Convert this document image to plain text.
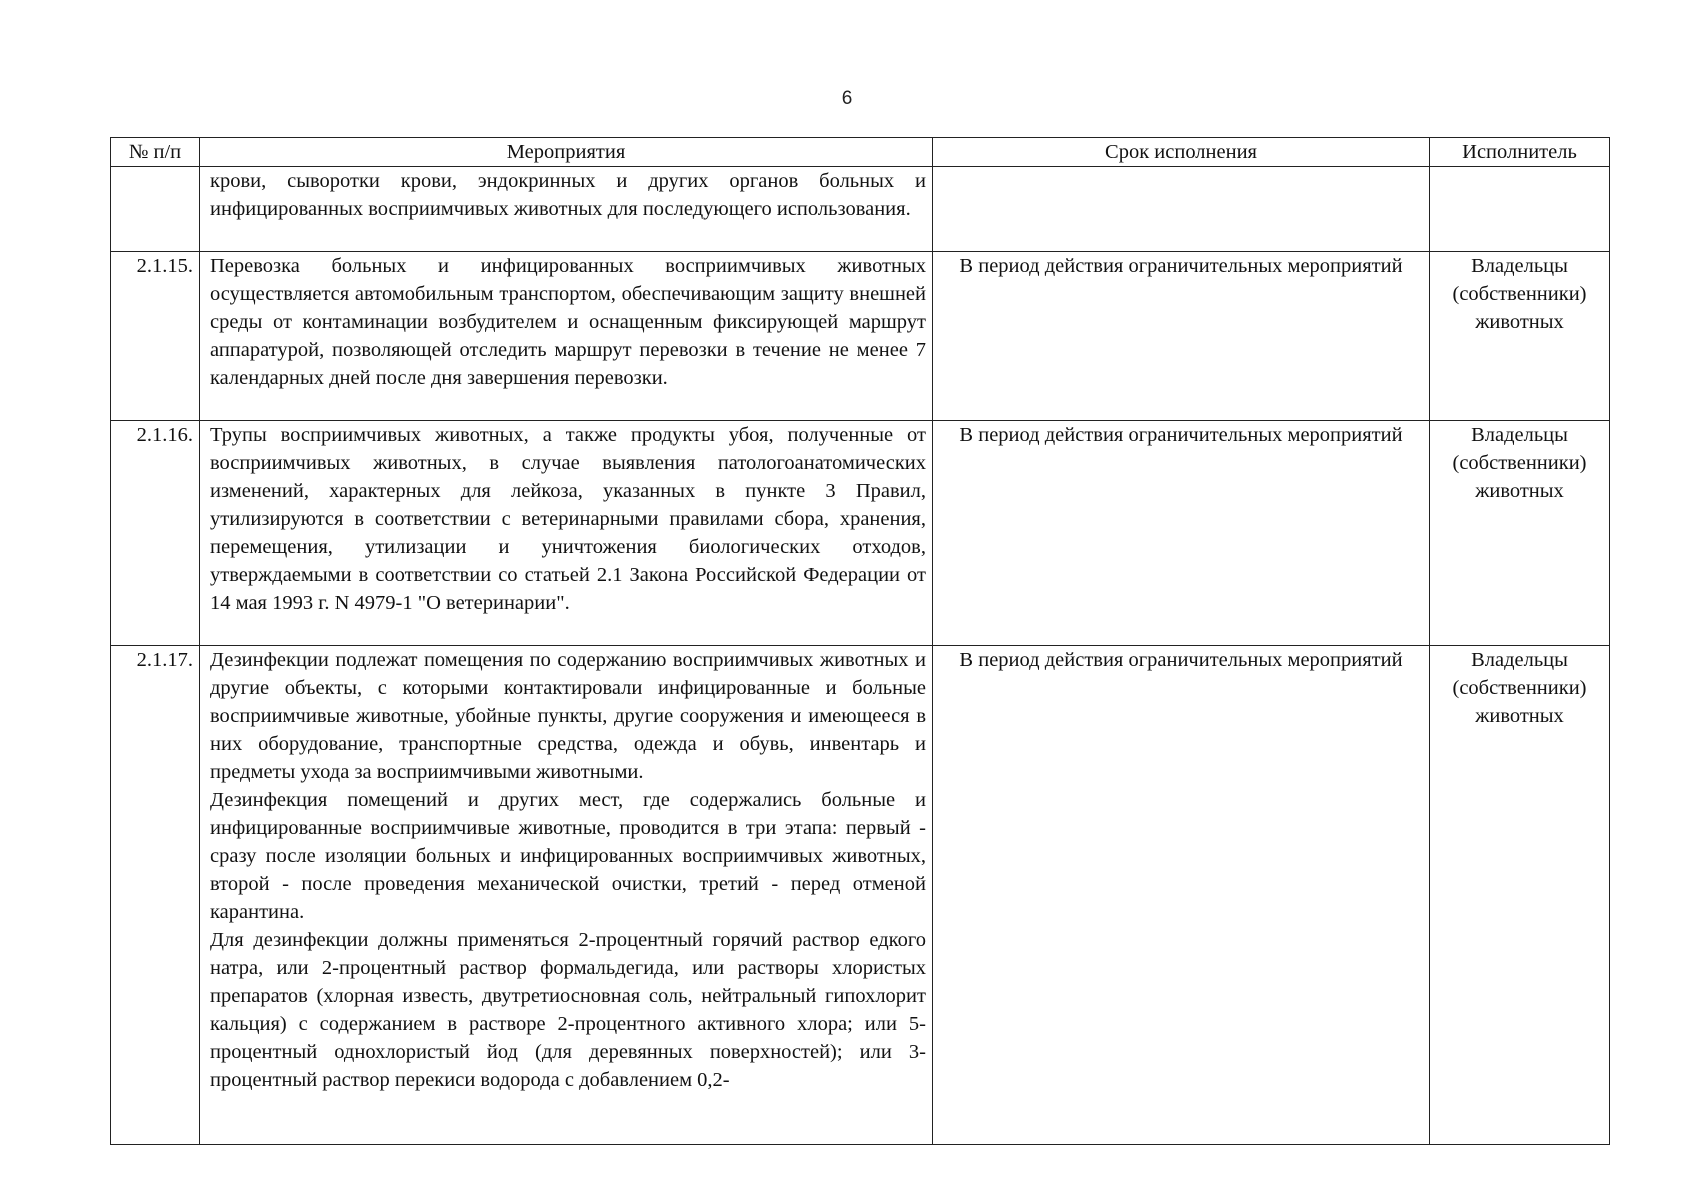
6
№ п/п	Мероприятия	Срок исполнения	Исполнитель

	крови, сыворотки крови, эндокринных и других органов больных и инфицированных восприимчивых животных для последующего использования.		

2.1.15.	Перевозка больных и инфицированных восприимчивых животных осуществляется автомобильным транспортом, обеспечивающим защиту внешней среды от контаминации возбудителем и оснащенным фиксирующей маршрут аппаратурой, позволяющей отследить маршрут перевозки в течение не менее 7 календарных дней после дня завершения перевозки.	В период действия ограничительных мероприятий	Владельцы (собственники) животных
2.1.16.	Трупы восприимчивых животных, а также продукты убоя, полученные от восприимчивых животных, в случае выявления патологоанатомических изменений, характерных для лейкоза, указанных в пункте 3 Правил, утилизируются в соответствии с ветеринарными правилами сбора, хранения, перемещения, утилизации и уничтожения биологических отходов, утверждаемыми в соответствии со статьей 2.1 Закона Российской Федерации от 14 мая 1993 г. N 4979-1 "О ветеринарии".	В период действия ограничительных мероприятий	Владельцы (собственники) животных
2.1.17.	Дезинфекции подлежат помещения по содержанию восприимчивых животных и другие объекты, с которыми контактировали инфицированные и больные восприимчивые животные, убойные пункты, другие сооружения и имеющееся в них оборудование, транспортные средства, одежда и обувь, инвентарь и предметы ухода за восприимчивыми животными.

Дезинфекция помещений и других мест, где содержались больные и инфицированные восприимчивые животные, проводится в три этапа: первый - сразу после изоляции больных и инфицированных восприимчивых животных, второй - после проведения механической очистки, третий - перед отменой карантина.

Для дезинфекции должны применяться 2-процентный горячий раствор едкого натра, или 2-процентный раствор формальдегида, или растворы хлористых препаратов (хлорная известь, двутретиосновная соль, нейтральный гипохлорит кальция) с содержанием в растворе 2-процентного активного хлора; или 5-процентный однохлористый йод (для деревянных поверхностей); или 3-процентный раствор перекиси водорода с добавлением 0,2-	В период действия ограничительных мероприятий	Владельцы (собственники) животных
